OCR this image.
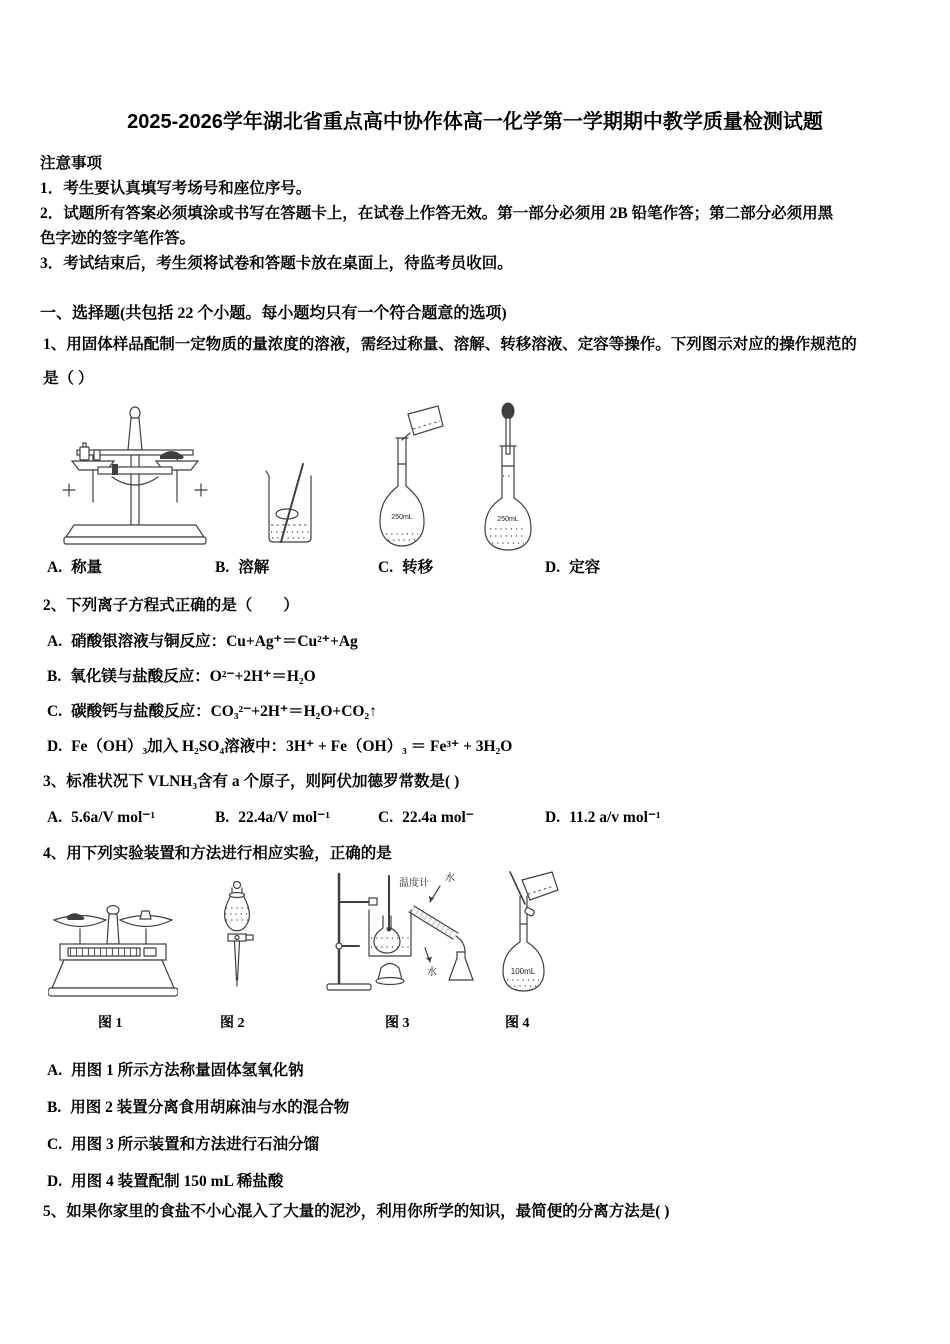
2025-2026学年湖北省重点高中协作体高一化学第一学期期中教学质量检测试题
注意事项
1．考生要认真填写考场号和座位序号。
2．试题所有答案必须填涂或书写在答题卡上，在试卷上作答无效。第一部分必须用 2B 铅笔作答；第二部分必须用黑
色字迹的签字笔作答。
3．考试结束后，考生须将试卷和答题卡放在桌面上，待监考员收回。
一、选择题(共包括 22 个小题。每小题均只有一个符合题意的选项)
1、用固体样品配制一定物质的量浓度的溶液，需经过称量、溶解、转移溶液、定容等操作。下列图示对应的操作规范的
是（ ）
250mL	250mL
A. 称量	B. 溶解	C. 转移	D. 定容
2、下列离子方程式正确的是（　　）
A. 硝酸银溶液与铜反应：Cu+Ag⁺＝Cu²⁺+Ag
B. 氧化镁与盐酸反应：O²⁻+2H⁺＝H₂O
C. 碳酸钙与盐酸反应：CO₃²⁻+2H⁺＝H₂O+CO₂↑
D. Fe（OH）₃加入 H₂SO₄溶液中：3H⁺ + Fe（OH）₃ ＝ Fe³⁺ + 3H₂O
3、标准状况下 VLNH₃含有 a 个原子，则阿伏加德罗常数是( )
A. 5.6a/V mol⁻¹	B. 22.4a/V mol⁻¹	C. 22.4a mol⁻	D. 11.2 a/v mol⁻¹
4、用下列实验装置和方法进行相应实验，正确的是
温度计 水
水	100mL
图 1	图 2	图 3	图 4
A. 用图 1 所示方法称量固体氢氧化钠
B. 用图 2 装置分离食用胡麻油与水的混合物
C. 用图 3 所示装置和方法进行石油分馏
D. 用图 4 装置配制 150 mL 稀盐酸
5、如果你家里的食盐不小心混入了大量的泥沙，利用你所学的知识，最简便的分离方法是( )
